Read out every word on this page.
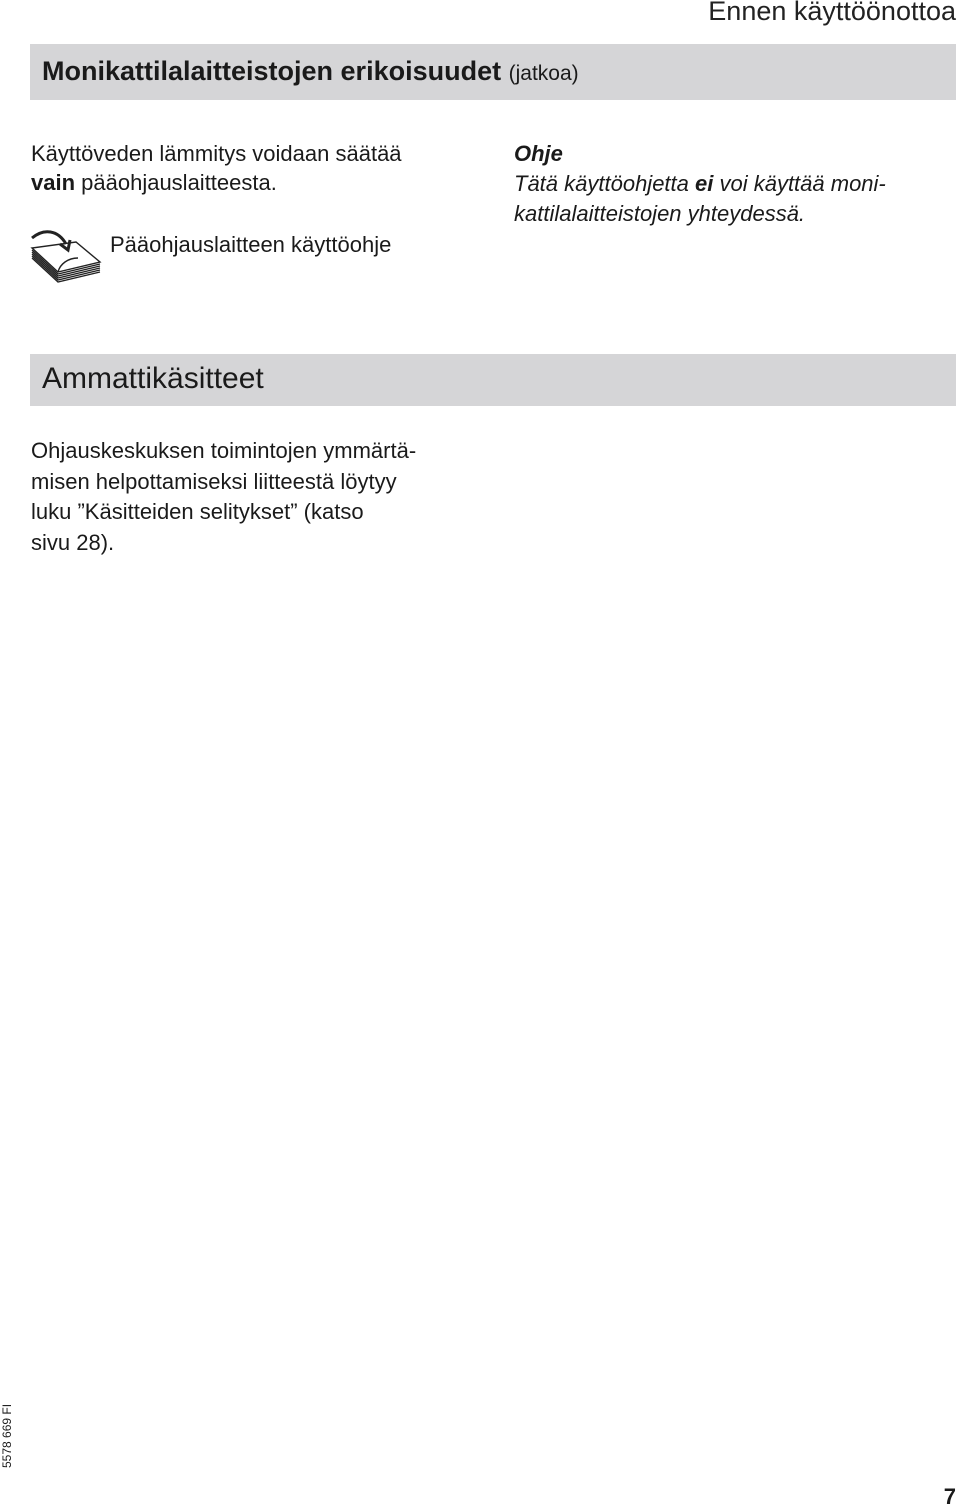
Ennen käyttöönottoa
Monikattilalaitteistojen erikoisuudet (jatkoa)
Käyttöveden lämmitys voidaan säätää
vain pääohjauslaitteesta.
Pääohjauslaitteen käyttöohje
Ohje
Tätä käyttöohjetta ei voi käyttää moni-
kattilalaitteistojen yhteydessä.
Ammattikäsitteet
Ohjauskeskuksen toimintojen ymmärtä-
misen helpottamiseksi liitteestä löytyy
luku ”Käsitteiden selitykset” (katso
sivu 28).
5578 669 FI
7
